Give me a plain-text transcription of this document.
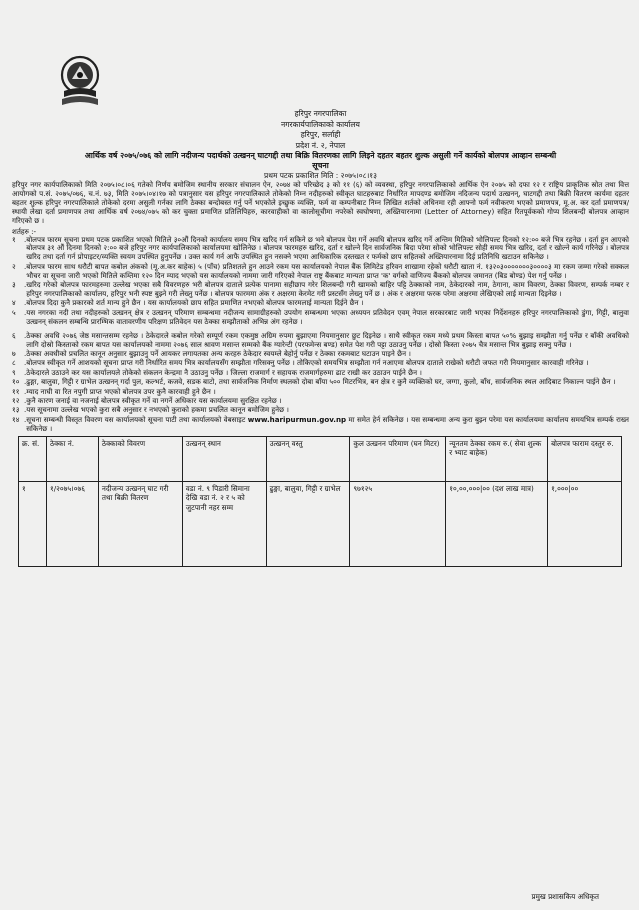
हरिपुर नगरपालिका
नगरकार्यपालिकाको कार्यालय
हरिपुर, सर्लाही
प्रदेश नं. २, नेपाल
आर्थिक वर्ष २०७५/०७६ को लागि नदीजन्य पदार्थको उत्खनन् घाटगद्दी तथा बिक्रि वितरणका लागि लिइने दहतर बहतर शुल्क असुली गर्ने कार्यको बोलपत्र आव्हान सम्बन्धी
सूचना
प्रथम पटक प्रकाशित मिति : २०७५।०८।१३

हरिपुर नगर कार्यपालिकाको मिति २०७५।०८।०६ गतेको निर्णय बमोजिम स्थानीय सरकार संचालन ऐन, २०७४ को परिच्छेद ३ को ११ (६) को व्यवस्था, हरिपुर नगरपालिकाको आर्थिक ऐन २०७५ को दफा १२ र राष्ट्रिय प्राकृतिक स्रोत तथा वित्त आयोगको प.सं. २०७५/०७६, च.नं. ७३, मिति २०७५।०४।१७ को पत्रानुसार यस हरिपुर नगरपालिकाले तोकेको निम्न नदीहरुको स्वीकृत घाटहरुबाट निर्धारित मापदण्ड बमोजिम नदिजन्य पदार्थ उत्खनन्, घाटगद्दी तथा बिक्री वितरण कार्यमा दहतर बहतर शुल्क हरिपुर नगरपालिकाले तोकेको दरमा असुली गर्नका लागि ठेक्का बन्दोबस्त गर्नु पर्ने भएकोले इच्छुक व्यक्ति, फर्म वा कम्पनीबाट निम्न लिखित शर्तको अधिनमा रही आफ्नो फर्म नवीकरण भएको प्रमाणपत्र, मू.अ. कर दर्ता प्रमाणपत्र/स्थायी लेखा दर्ता प्रमाणपत्र तथा आर्थिक वर्ष २०७४/०७५ को कर चुक्ता प्रमाणित प्रतिलिपिहरु, कारवाहीको वा कालोसूचीमा नपरेको स्वघोषणा, अख्तियारनामा (Letter of Attorney) सहित रितपूर्वकको गोप्य शिलबन्दी बोलपत्र आव्हान गरिएको छ ।

शर्तहरु :-
१	. बोलपत्र फारम सूचना प्रथम पटक प्रकाशित भएको मितिले ३०औं दिनको कार्यालय समय भित्र खरिद गर्न सकिने छ भने बोलपत्र पेश गर्ने अवधि बोलपत्र खरिद गर्ने अन्तिम मितिको भोलिपल्ट दिनको १२:०० बजे भित्र रहनेछ । दर्ता हुन आएको बोलपत्र ३१ औं दिनमा दिनको २:०० बजे हरिपुर नगर कार्यपालिकाको कार्यालयमा खोलिनेछ । बोलपत्र फारमहरु खरिद, दर्ता र खोल्ने दिन सार्वजनिक बिदा परेमा सोको भोलिपल्ट सोही समय भित्र खरिद, दर्ता र खोल्ने कार्य गरिनेछ । बोलपत्र खरिद तथा दर्ता गर्न प्रोपाइटर/व्यक्ति स्वयम उपस्थित हुनुपर्नेछ । उक्त कार्य गर्न आफै उपस्थित हुन नसक्ने भएमा आधिकारिक दस्तखत र फर्मको छाप सहितको अख्तियारनामा दिई प्रतिनिधि खटाउन सकिनेछ ।
२	. बोलपत्र फारम साथ धरौटी बापत कबोल अंकको (मू.अ.कर बाहेक) ५ (पाँच) प्रतिशतले हुन आउने रकम यस कार्यालयको नेपाल बैंक लिमिटेड हरिवन शाखामा रहेको धरौटी खाता नं. १३२०३०००००००३००००३ मा रकम जम्मा गरेको सक्कल भौचर वा सूचना जारी भएको मितिले कम्तिमा १२० दिन म्याद भएको यस कार्यालयको नाममा जारी गरिएको नेपाल राष्ट्र बैंकबाट मान्यता प्राप्त 'क' वर्गको वाणिज्य बैंकको बोलपत्र जमानत (बिड बोण्ड) पेश गर्नु पर्नेछ ।
३	. खरिद गरेको बोलपत्र फारमहरुमा उल्लेख भएका सबै विवरणहरु भरी बोलपत्र दाताले प्रत्येक पानामा सहीछाप गरेर शिलबन्दी गरी खामको बाहिर पट्टि ठेक्काको नाम, ठेकेदारको नाम, ठेगाना, काम विवरण, ठेक्का विवरण, सम्पर्क नम्बर र हरिपुर नगरपालिकाको कार्यालय, हरिपुर भनी स्पष्ट बुझ्ने गरी लेख्नु पर्नेछ । बोलपत्र फारममा अंक र अक्षरमा केरमेट गरी प्रस्टसँग लेख्नु पर्ने छ । अंक र अक्षरमा फरक परेमा अक्षरमा लेखिएको लाई मान्यता दिइनेछ ।
४	. बोलपत्र दिदा कुनै प्रकारको शर्त मान्य हुने छैन । यस कार्यालयको छाप सहित प्रमाणित नभएको बोलपत्र फारमलाई मान्यता दिईने छैन ।
५	. यस नगरका नदी तथा नदीहरुको उत्खनन् क्षेत्र र उत्खनन् परिमाण सम्बन्धमा नदीजन्य सामाग्रीहरुको उपयोग सम्बन्धमा भएका अध्ययन प्रतिवेदन एवम् नेपाल सरकारबाट जारी भएका निर्देशनहरु हरिपुर नगरपालिकाको डुंगा, गिट्टी, बालुवा उत्खनन् संकलन सम्बन्धि प्रारम्भिक वातावरणीय परिक्षण प्रतिवेदन यस ठेक्का सम्झौताको अभिन्न अंग रहनेछ ।
६	. ठेक्का अवधि २०७६ जेष्ठ मसान्तसम्म रहनेछ । ठेकेदारले कबोल गरेको सम्पूर्ण रकम एकमुष्ठ अग्रिम रुपमा बुझाएमा नियमानुसार छुट दिइनेछ । साथै स्वीकृत रकम मध्ये प्रथम किस्ता बापत ५०% बुझाइ सम्झौता गर्नु पर्नेछ र बाँकी अवधिको लागि दोस्रो किस्ताको रकम बापत यस कार्यालयको नाममा २०७६ साल श्रावण मसान्त सम्मको बैंक ग्यारेन्टी (परफमेन्स बण्ड) समेत पेश गरी पट्टा उठाउनु पर्नेछ । दोस्रो किस्ता २०७५ चैत्र मसान्त भित्र बुझाइ सक्नु पर्नेछ ।
७	. ठेक्का अवधीको प्रचलित कानून अनुसार बुझाउनु पर्ने आयकर लगायतका अन्य करहरु ठेकेदार स्वयम्ले बेहोर्नु पर्नेछ र ठेक्का रकमबाट घटाउन पाइने छैन ।
८	. बोलपत्र स्वीकृत गर्ने आशयको सूचना प्राप्त गरी निर्धारित समय भित्र कार्यालयसँग सम्झौता गरिसक्नु पर्नेछ । तोकिएको समयभित्र सम्झौता गर्न नआएमा बोलपत्र दाताले राखेको धरौटी जफत गरी नियमानुसार कारवाही गरिनेछ ।
९	. ठेकेदारले उठाउने कर यस कार्यालयले तोकेको संकलन केन्द्रमा नै उठाउनु पर्नेछ । जिल्ला राजमार्ग र सहायक राजमार्गहरुमा ढाट राखी कर उठाउन पाईने छैन ।
१० . ढुङ्गा, बालुवा, गिट्टी र ग्राभेल उत्खनन् गर्दा पुल, कल्भर्ट, कजवे, सडक बाटो, तथा सार्वजनिक निर्माण स्थलको दोबा बाँया ५०० मिटरभित्र, बन क्षेत्र र कुनै व्यक्तिको घर, जग्गा, कुलो, बाँध, सार्वजनिक स्थल आदिबाट निकाल्न पाईने छैन ।
११ . म्याद नाघी वा रित नपुगी प्राप्त भएको बोलपत्र उपर कुनै कारवाही हुने छैन ।
१२ . कुनै कारण जनाई वा नजनाई बोलपत्र स्वीकृत गर्ने वा नगर्ने अधिकार यस कार्यालयमा सुरक्षित रहनेछ ।
१३ . यस सूचनामा उल्लेख भएको कुरा सबै अनुसार र नभएको कुराको हकमा प्रचलित कानून बमोजिम हुनेछ ।
१४ . सूचना सम्बन्धी विस्तृत विवरण यस कार्यालयको सूचना पाटी तथा कार्यालयको वेबसाइट www.haripurmun.gov.np मा समेत हेर्न सकिनेछ । यस सम्बन्धमा अन्य कुरा बुझ्न परेमा यस कार्यालयमा कार्यालय समयभित्र सम्पर्क राख्न सकिनेछ ।
क्र. सं.	ठेक्का नं.	ठेक्काको विवरण	उत्खनन् स्थान	उत्खनन् वस्तु	कुल उत्खनन परिमाण (घन मिटर)	न्यूनतम ठेक्का रकम रु.( सेवा शुल्क र भ्याट बाहेक)	बोलपत्र फाराम दस्तुर रु.
१	१/२०७५।०७६	नदीजन्य उत्खनन् घाट गरी तथा बिक्री वितरण	वडा नं. ९ पिडारी सिमाना देखि वडा नं. २ र ५ को जुटपानी नहर सम्म	ढुङ्गा, बालुवा, गिट्टी र ग्राभेल	९७१२५	१०,००,०००|०० (दश लाख मात्र)	१,०००|००
प्रमुख प्रशासकिय अधिकृत
